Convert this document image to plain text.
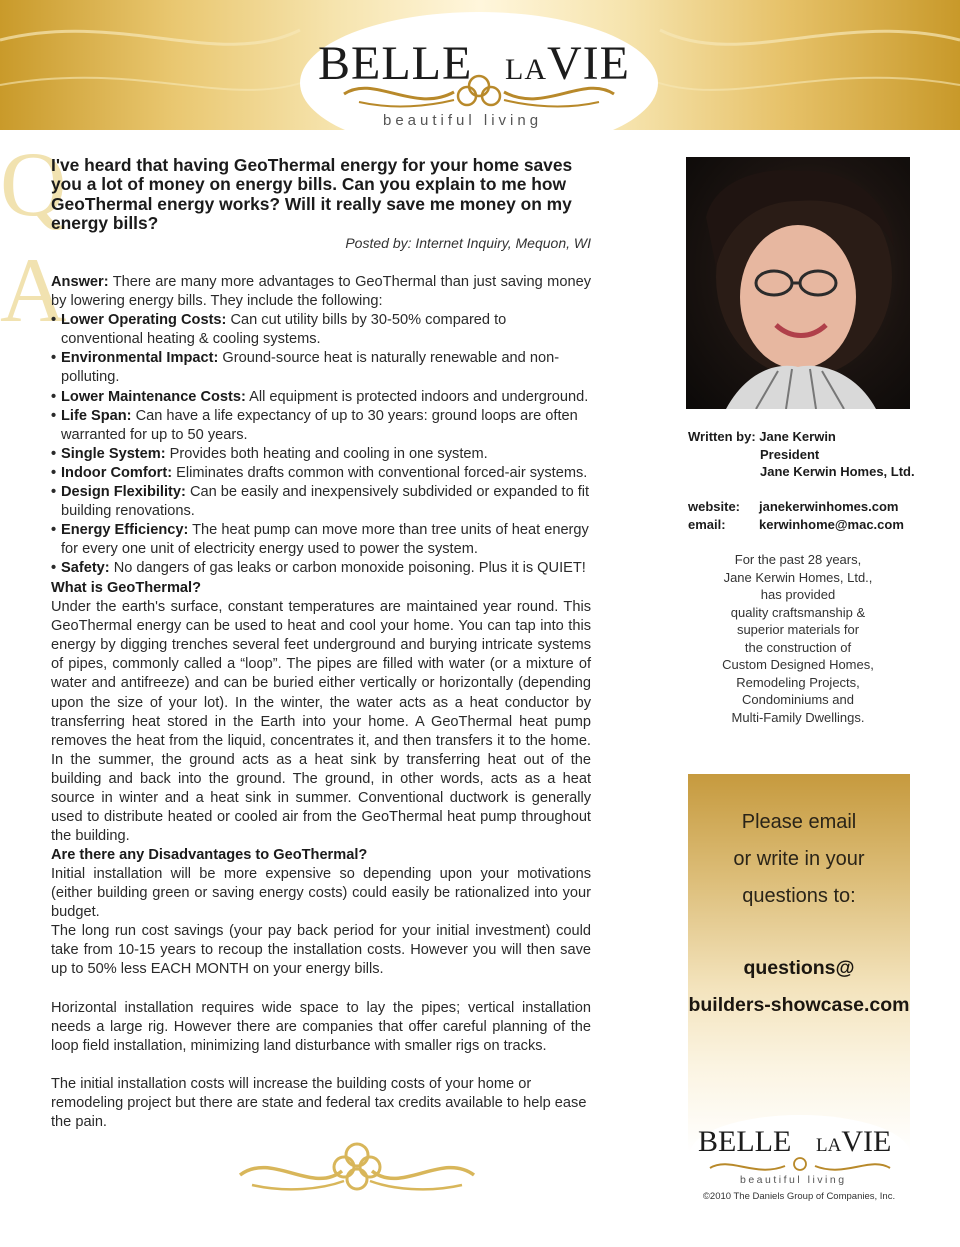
BELLE LAVIE
beautiful living
Q
A
I've heard that having GeoThermal energy for your home saves you a lot of money on energy bills. Can you explain to me how GeoThermal energy works? Will it really save me money on my energy bills?
Posted by: Internet Inquiry, Mequon, WI
Answer: There are many more advantages to GeoThermal than just saving money by lowering energy bills. They include the following:
• Lower Operating Costs: Can cut utility bills by 30-50% compared to conventional heating & cooling systems.
• Environmental Impact: Ground-source heat is naturally renewable and non-polluting.
• Lower Maintenance Costs: All equipment is protected indoors and underground.
• Life Span: Can have a life expectancy of up to 30 years: ground loops are often warranted for up to 50 years.
• Single System: Provides both heating and cooling in one system.
• Indoor Comfort: Eliminates drafts common with conventional forced-air systems.
• Design Flexibility: Can be easily and inexpensively subdivided or expanded to fit building renovations.
• Energy Efficiency: The heat pump can move more than tree units of heat energy for every one unit of electricity energy used to power the system.
• Safety: No dangers of gas leaks or carbon monoxide poisoning. Plus it is QUIET!
What is GeoThermal?
Under the earth's surface, constant temperatures are maintained year round. This GeoThermal energy can be used to heat and cool your home. You can tap into this energy by digging trenches several feet underground and burying intricate systems of pipes, commonly called a “loop”. The pipes are filled with water (or a mixture of water and antifreeze) and can be buried either vertically or horizontally (depending upon the size of your lot). In the winter, the water acts as a heat conductor by transferring heat stored in the Earth into your home. A GeoThermal heat pump removes the heat from the liquid, concentrates it, and then transfers it to the home. In the summer, the ground acts as a heat sink by transferring heat out of the building and back into the ground. The ground, in other words, acts as a heat source in winter and a heat sink in summer. Conventional ductwork is generally used to distribute heated or cooled air from the GeoThermal heat pump throughout the building.
Are there any Disadvantages to GeoThermal?
Initial installation will be more expensive so depending upon your motivations (either building green or saving energy costs) could easily be rationalized into your budget.
The long run cost savings (your pay back period for your initial investment) could take from 10-15 years to recoup the installation costs. However you will then save up to 50% less EACH MONTH on your energy bills.
Horizontal installation requires wide space to lay the pipes; vertical installation needs a large rig. However there are companies that offer careful planning of the loop field installation, minimizing land disturbance with smaller rigs on tracks.
The initial installation costs will increase the building costs of your home or remodeling project but there are state and federal tax credits available to help ease the pain.
Written by: Jane Kerwin
President
Jane Kerwin Homes, Ltd.
website: janekerwinhomes.com
email:	kerwinhome@mac.com
For the past 28 years,
Jane Kerwin Homes, Ltd.,
has provided
quality craftsmanship &
superior materials for
the construction of
Custom Designed Homes,
Remodeling Projects,
Condominiums and
Multi-Family Dwellings.
Please email
or write in your
questions to:
questions@
builders-showcase.com
BELLE LAVIE
beautiful living
©2010 The Daniels Group of Companies, Inc.
